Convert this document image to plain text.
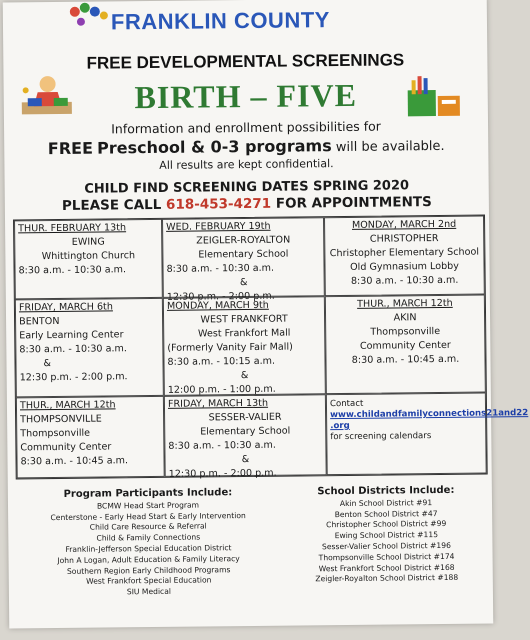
FRANKLIN COUNTY
FREE DEVELOPMENTAL SCREENINGS
BIRTH – FIVE
Information and enrollment possibilities for
FREE Preschool & 0-3 programs will be available.
All results are kept confidential.
CHILD FIND SCREENING DATES SPRING 2020
PLEASE CALL 618-453-4271 FOR APPOINTMENTS
THUR. FEBRUARY 13th
EWING
Whittington Church
8:30 a.m. - 10:30 a.m.
WED. FEBRUARY 19th
ZEIGLER-ROYALTON
Elementary School
8:30 a.m. - 10:30 a.m.
&
12:30 p.m. - 2:00 p.m.
MONDAY, MARCH 2nd
CHRISTOPHER
Christopher Elementary School
Old Gymnasium Lobby
8:30 a.m. - 10:30 a.m.
FRIDAY, MARCH 6th
BENTON
Early Learning Center
8:30 a.m. - 10:30 a.m.
&
12:30 p.m. - 2:00 p.m.
MONDAY, MARCH 9th
WEST FRANKFORT
West Frankfort Mall
(Formerly Vanity Fair Mall)
8:30 a.m. - 10:15 a.m.
&
12:00 p.m. - 1:00 p.m.
THUR., MARCH 12th
AKIN
Thompsonville
Community Center
8:30 a.m. - 10:45 a.m.
THUR., MARCH 12th
THOMPSONVILLE
Thompsonville
Community Center
8:30 a.m. - 10:45 a.m.
FRIDAY, MARCH 13th
SESSER-VALIER
Elementary School
8:30 a.m. - 10:30 a.m.
&
12:30 p.m. - 2:00 p.m.
Contact
www.childandfamilyconnections21and22
.org
for screening calendars
Program Participants Include:
BCMW Head Start Program
Centerstone - Early Head Start & Early Intervention
Child Care Resource & Referral
Child & Family Connections
Franklin-Jefferson Special Education District
John A Logan, Adult Education & Family Literacy
Southern Region Early Childhood Programs
West Frankfort Special Education
SIU Medical
School Districts Include:
Akin School District #91
Benton School District #47
Christopher School District #99
Ewing School District #115
Sesser-Valier School District #196
Thompsonville School District #174
West Frankfort School District #168
Zeigler-Royalton School District #188
